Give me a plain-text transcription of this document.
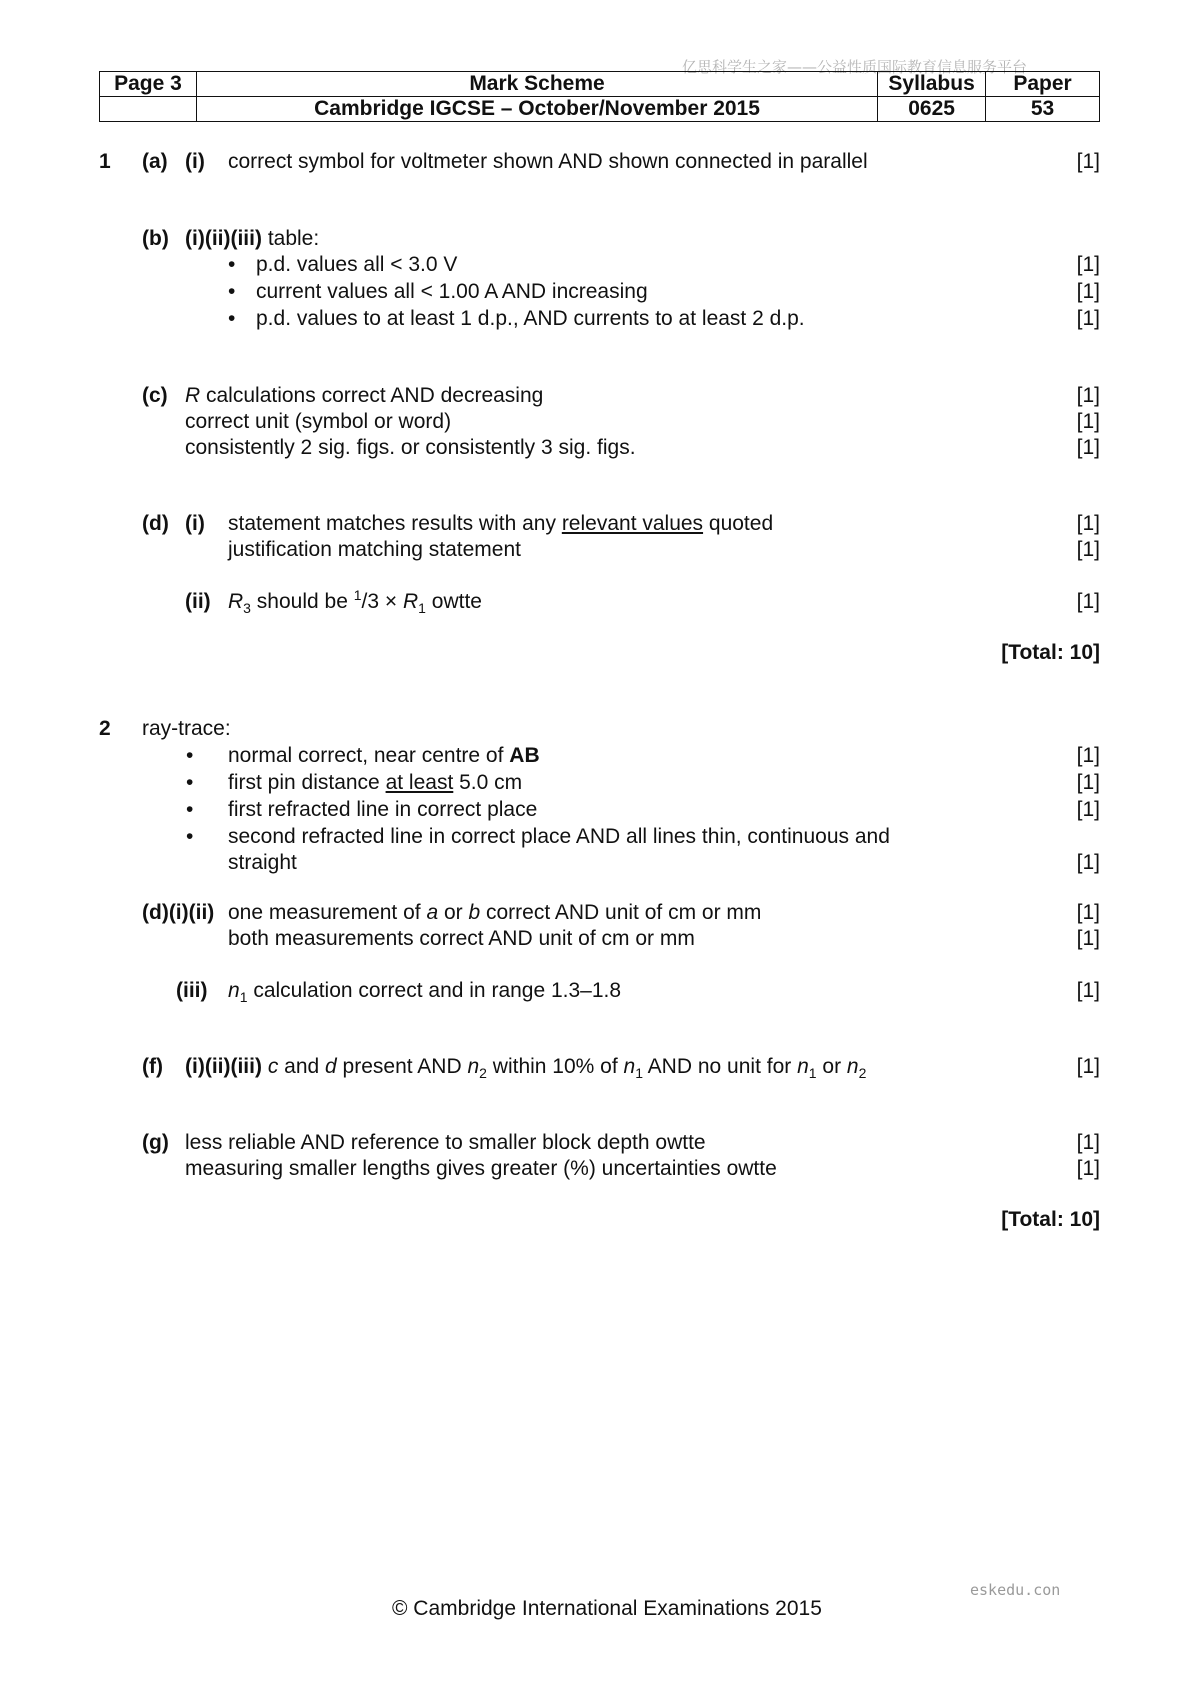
亿思科学生之家——公益性质国际教育信息服务平台
Page 3	Mark Scheme	Syllabus	Paper
	Cambridge IGCSE – October/November 2015	0625	53
1 (a) (i) correct symbol for voltmeter shown AND shown connected in parallel	[1]
(b) (i)(ii)(iii) table:
• p.d. values all < 3.0 V	[1]
• current values all < 1.00 A AND increasing	[1]
• p.d. values to at least 1 d.p., AND currents to at least 2 d.p.	[1]
(c) R calculations correct AND decreasing	[1]
correct unit (symbol or word)	[1]
consistently 2 sig. figs. or consistently 3 sig. figs.	[1]
(d) (i) statement matches results with any relevant values quoted	[1]
justification matching statement	[1]
(ii) $R_3$ should be $^1/3 \times R_1$ owtte	[1]
[Total: 10]
2 ray-trace:
• normal correct, near centre of AB	[1]
• first pin distance at least 5.0 cm	[1]
• first refracted line in correct place	[1]
• second refracted line in correct place AND all lines thin, continuous and
straight	[1]
(d)(i)(ii) one measurement of a or b correct AND unit of cm or mm	[1]
both measurements correct AND unit of cm or mm	[1]
(iii) $n_1$ calculation correct and in range 1.3–1.8	[1]
(f) (i)(ii)(iii) c and d present AND $n_2$ within 10% of $n_1$ AND no unit for $n_1$ or $n_2$	[1]
(g) less reliable AND reference to smaller block depth owtte	[1]
measuring smaller lengths gives greater (%) uncertainties owtte	[1]
[Total: 10]
eskedu.con
© Cambridge International Examinations 2015
